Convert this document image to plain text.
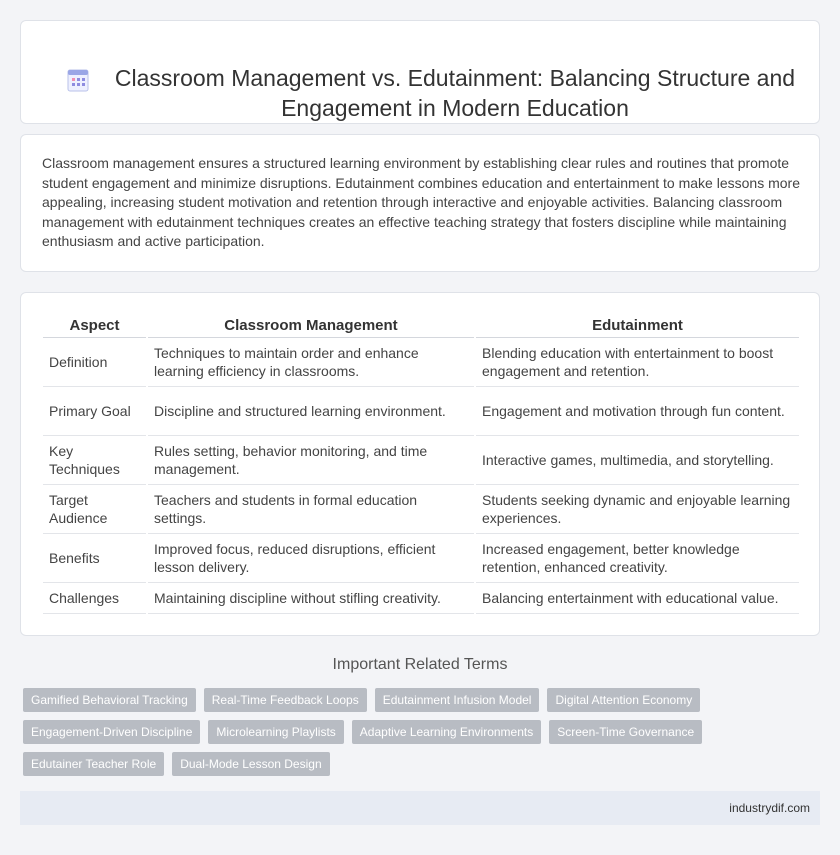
Classroom Management vs. Edutainment: Balancing Structure and Engagement in Modern Education

Classroom management ensures a structured learning environment by establishing clear rules and routines that promote student engagement and minimize disruptions. Edutainment combines education and entertainment to make lessons more appealing, increasing student motivation and retention through interactive and enjoyable activities. Balancing classroom management with edutainment techniques creates an effective teaching strategy that fosters discipline while maintaining enthusiasm and active participation.

Aspect	Classroom Management	Edutainment
Definition	Techniques to maintain order and enhance learning efficiency in classrooms.	Blending education with entertainment to boost engagement and retention.
Primary Goal	Discipline and structured learning environment.	Engagement and motivation through fun content.
Key Techniques	Rules setting, behavior monitoring, and time management.	Interactive games, multimedia, and storytelling.
Target Audience	Teachers and students in formal education settings.	Students seeking dynamic and enjoyable learning experiences.
Benefits	Improved focus, reduced disruptions, efficient lesson delivery.	Increased engagement, better knowledge retention, enhanced creativity.
Challenges	Maintaining discipline without stifling creativity.	Balancing entertainment with educational value.
Important Related Terms
Gamified Behavioral Tracking	Real-Time Feedback Loops	Edutainment Infusion Model	Digital Attention Economy
Engagement-Driven Discipline	Microlearning Playlists	Adaptive Learning Environments	Screen-Time Governance
Edutainer Teacher Role	Dual-Mode Lesson Design
industrydif.com
